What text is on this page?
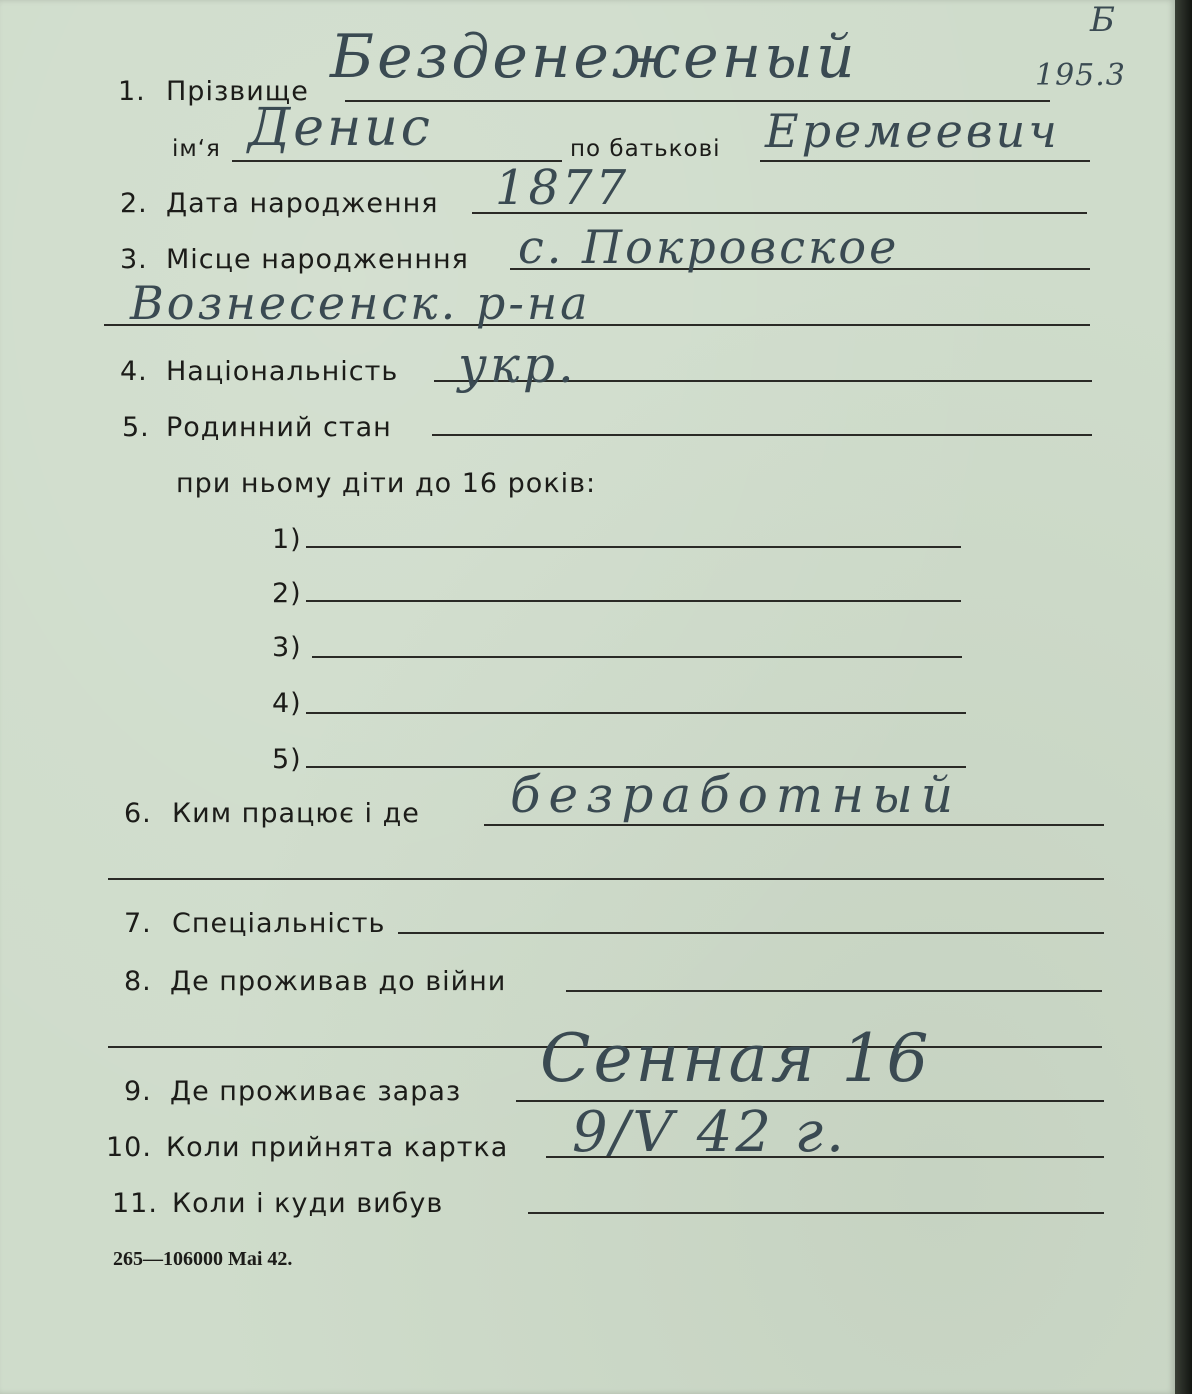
1. Прізвище Безденеженый
Б
195.3
ім‘я Денис	по батькові Еремеевич
2. Дата народження 1877
3. Місце народженння с. Покровское
Вознесенск. р-на
4. Національність укр.
5. Родинний стан
при ньому діти до 16 років:
1)
2)
3)
4)
5)
6. Ким працює і де безработный
7. Спеціальність
8. Де проживав до війни
9. Де проживає зараз Сенная 16
10. Коли прийнята картка 9/V 42 г.
11. Коли і куди вибув
265—106000 Mai 42.
